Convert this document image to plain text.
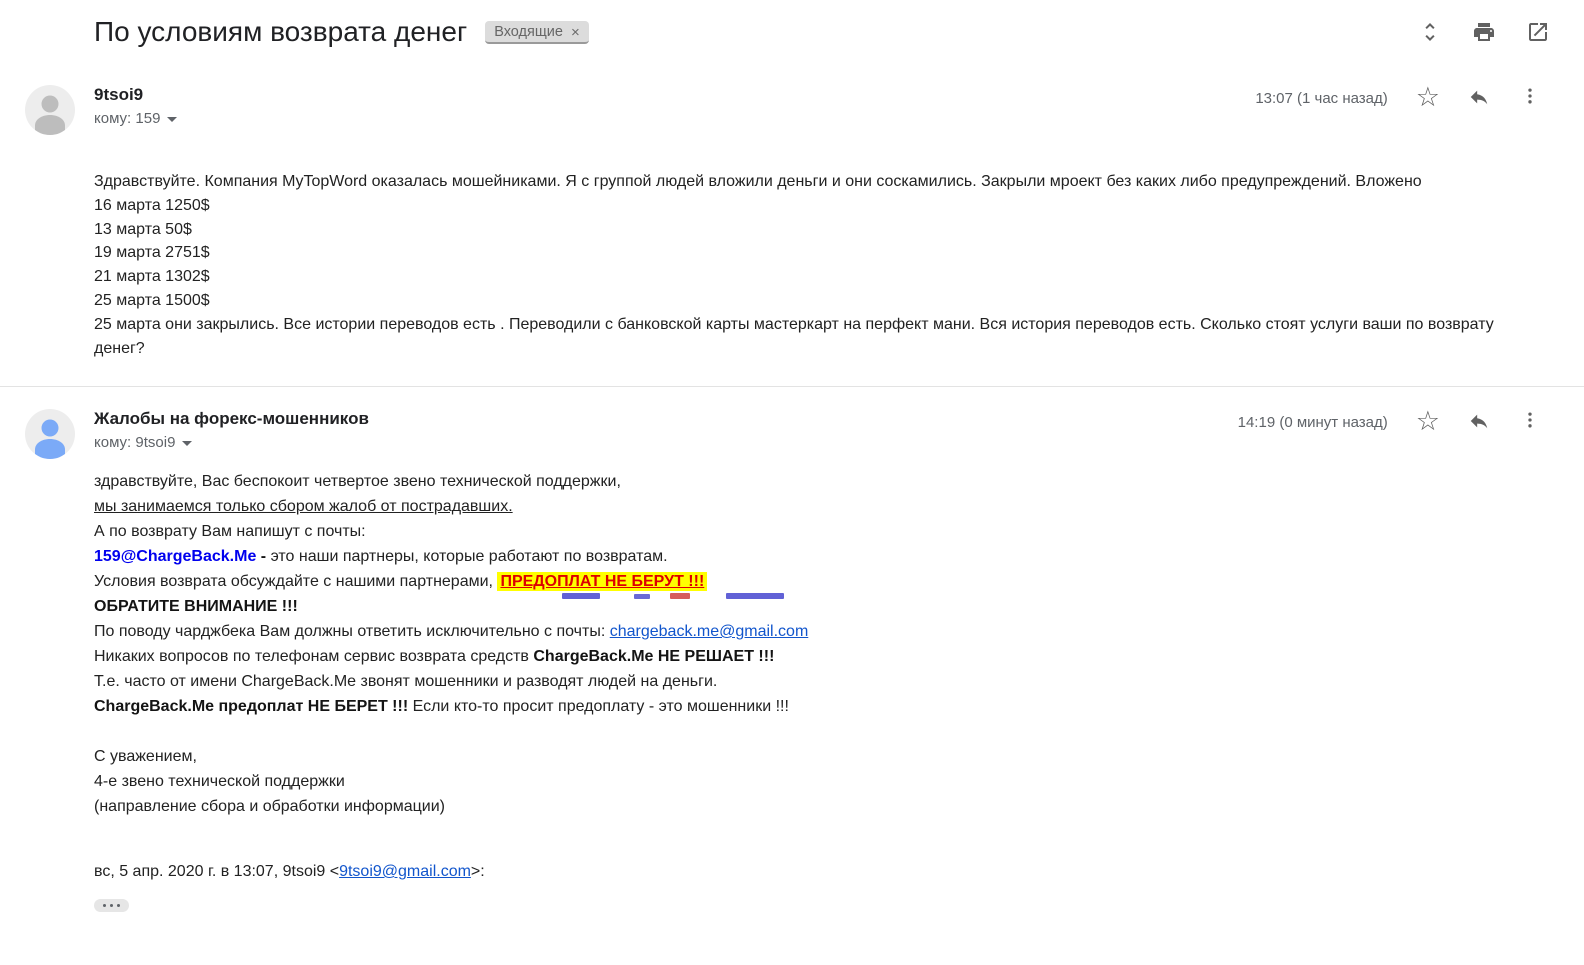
По условиям возврата денег Входящие ×
9tsoi9
кому: 159
13:07 (1 час назад) ☆
Здравствуйте. Компания MyTopWord оказалась мошейниками. Я с группой людей вложили деньги и они соскамились. Закрыли мроект без каких либо предупреждений. Вложено
16 марта 1250$
13 марта 50$
19 марта 2751$
21 марта 1302$
25 марта 1500$
25 марта они закрылись. Все истории переводов есть . Переводили с банковской карты мастеркарт на перфект мани. Вся история переводов есть. Сколько стоят услуги ваши по возврату
денег?
Жалобы на форекс-мошенников
кому: 9tsoi9
14:19 (0 минут назад) ☆
здравствуйте, Вас беспокоит четвертое звено технической поддержки,
мы занимаемся только сбором жалоб от пострадавших.
А по возврату Вам напишут с почты:
159@ChargeBack.Me - это наши партнеры, которые работают по возвратам.
Условия возврата обсуждайте с нашими партнерами, ПРЕДОПЛАТ НЕ БЕРУТ !!!
ОБРАТИТЕ ВНИМАНИЕ !!!
По поводу чарджбека Вам должны ответить исключительно с почты: chargeback.me@gmail.com
Никаких вопросов по телефонам сервис возврата средств ChargeBack.Me НЕ РЕШАЕТ !!!
Т.е. часто от имени ChargeBack.Me звонят мошенники и разводят людей на деньги.
ChargeBack.Me предоплат НЕ БЕРЕТ !!! Если кто-то просит предоплату - это мошенники !!!

С уважением,
4-е звено технической поддержки
(направление сбора и обработки информации)
вс, 5 апр. 2020 г. в 13:07, 9tsoi9 <9tsoi9@gmail.com>:
